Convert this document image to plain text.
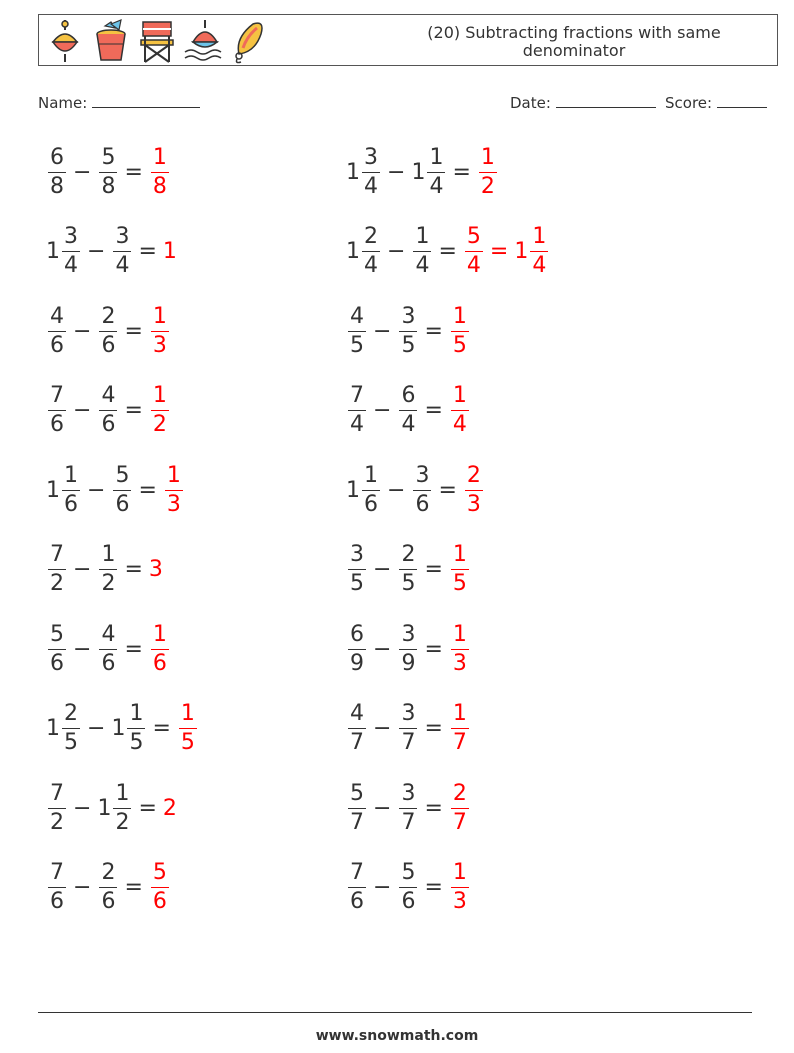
(20) Subtracting fractions with same denominator
Name:	Date:	Score:
$\frac{6}{8} - \frac{5}{8} = \frac{1}{8}$	$1 \frac{3}{4} - 1 \frac{1}{4} = \frac{1}{2}$
$1 \frac{3}{4} - \frac{3}{4} = 1$	$1 \frac{2}{4} - \frac{1}{4} = \frac{5}{4} = 1 \frac{1}{4}$
$\frac{4}{6} - \frac{2}{6} = \frac{1}{3}$	$\frac{4}{5} - \frac{3}{5} = \frac{1}{5}$
$\frac{7}{6} - \frac{4}{6} = \frac{1}{2}$	$\frac{7}{4} - \frac{6}{4} = \frac{1}{4}$
$1 \frac{1}{6} - \frac{5}{6} = \frac{1}{3}$	$1 \frac{1}{6} - \frac{3}{6} = \frac{2}{3}$
$\frac{7}{2} - \frac{1}{2} = 3$	$\frac{3}{5} - \frac{2}{5} = \frac{1}{5}$
$\frac{5}{6} - \frac{4}{6} = \frac{1}{6}$	$\frac{6}{9} - \frac{3}{9} = \frac{1}{3}$
$1 \frac{2}{5} - 1 \frac{1}{5} = \frac{1}{5}$	$\frac{4}{7} - \frac{3}{7} = \frac{1}{7}$
$\frac{7}{2} - 1 \frac{1}{2} = 2$	$\frac{5}{7} - \frac{3}{7} = \frac{2}{7}$
$\frac{7}{6} - \frac{2}{6} = \frac{5}{6}$	$\frac{7}{6} - \frac{5}{6} = \frac{1}{3}$
www.snowmath.com
